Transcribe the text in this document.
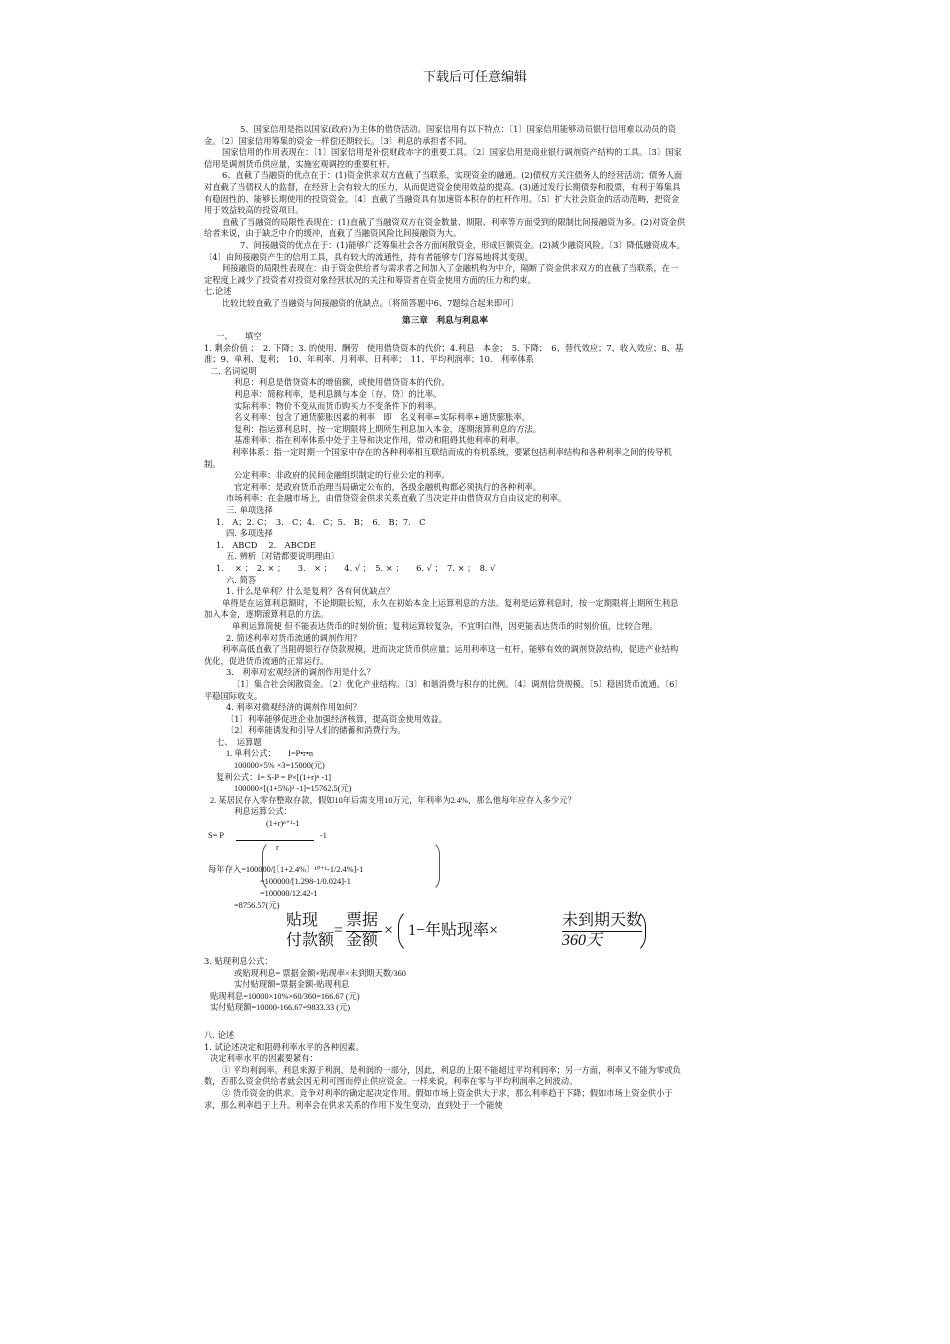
下载后可任意编辑

5、国家信用是指以国家(政府)为主体的借贷活动。国家信用有以下特点：〔1〕国家信用能够动员银行信用难以动员的资金。〔2〕国家信用筹集的资金一样偿还期较长。〔3〕利息的承担者不同。

国家信用的作用表现在：〔1〕国家信用是补偿财政赤字的重要工具。〔2〕国家信用是商业银行调剂资产结构的工具。〔3〕国家信用是调剂货币供应量，实施宏观调控的重要杠杆。

6、直截了当融资的优点在于：(1)资金供求双方直截了当联系，实现资金的融通。(2)债权方关注债务人的经营活动；债务人面对直截了当债权人的监督，在经营上会有较大的压力，从而促进资金使用效益的提高。(3)通过发行长期债券和股票，有利于筹集具有稳固性的、能够长期使用的投资资金。〔4〕直截了当融资具有加速资本积存的杠杆作用。〔5〕扩大社会资金的活动范畴，把资金用于效益较高的投资项目。

直截了当融资的局限性表现在：(1)直截了当融资双方在资金数量、期限、利率等方面受到的限制比间接融资为多。(2)对资金供给者来说，由于缺乏中介的缓冲，直截了当融资风险比间接融资为大。

7、间接融资的优点在于：(1)能够广泛筹集社会各方面闲散资金，形成巨额资金。(2)减少融资风险。〔3〕降低融资成本。〔4〕由间接融资产生的信用工具，具有较大的流通性，持有者能够专门容易地将其变现。

间接融资的局限性表现在：由于资金供给者与需求者之间加入了金融机构为中介，隔断了资金供求双方的直截了当联系，在一定程度上减少了投资者对投资对象经营状况的关注和筹资者在资金使用方面的压力和约束。

七.论述

比较比较直截了当融资与间接融资的优缺点。〔将简答题中6、7题综合起来即可〕

第三章　利息与利息率

一、　　填空

1. 剩余价值 ；　2. 下降；3. 的使用、酬劳　使用借贷资本的代价；4.利息　本金；　5. 下降；　6、替代效应；7、收入效应；8、基准；9、单利、复利；　10、年利率、月利率、日利率；　11、平均利润率；10.　利率体系

二. 名词说明

利息：利息是借贷资本的增值额，或使用借贷资本的代价。

利息率：简称利率，是利息额与本金〔存、贷〕的比率。

实际利率：物价不变从而货币购买力不变条件下的利率。

名义利率：包含了通货膨胀因素的利率　即　名义利率=实际利率+通货膨胀率。

复利：指运算利息时，按一定期限将上期所生利息加入本金，逐期滚算利息的方法。

基准利率：指在利率体系中处于主导和决定作用，带动和阻碍其他利率的利率。

利率体系：指一定时期一个国家中存在的各种利率相互联结而成的有机系统，要紧包括利率结构和各种利率之间的传导机制。

公定利率：非政府的民间金融组织制定的行业公定的利率。

官定利率：是政府货币治理当局确定公布的，各级金融机构都必须执行的各种利率。

市场利率：在金融市场上，由借贷资金供求关系直截了当决定并由借贷双方自由议定的利率。

三. 单项选择

1.　A；2. C；　3.　C；4.　C；5.　B；　6.　B；7.　C

四. 多项选择

1.　ABCD　 2.　ABCDE

五. 辨析〔对错都要说明理由〕

1.　 × ；　2. × ；　　3.　× ；　　4. √ ；　5. × ；　　6. √ ；　7. × ；　8. √

六. 简答

1. 什么是单利？什么是复利？各有何优缺点？

单得是在运算利息额时，不论期限长短，永久在初始本金上运算利息的方法。复利是运算利息时，按一定期限将上期所生利息加入本金，逐期滚算利息的方法。

单利运算简便 但不能表达货币的时刻价值；复利运算较复杂，不宜明白得，因更能表达货币的时刻价值，比较合理。

2. 简述利率对货币流通的调剂作用？

利率高低直截了当阻碍银行存贷款规模，进而决定货币供应量；运用利率这一杠杆，能够有效的调剂贷款结构，促进产业结构优化，促进货币流通的正常运行。

3.　利率对宏观经济的调剂作用是什么？

〔1〕集合社会闲散资金。〔2〕优化产业结构。〔3〕和谐消费与积存的比例。〔4〕调剂信贷规模。〔5〕稳固货币流通。〔6〕平稳国际收支。

4. 利率对微观经济的调剂作用如何？

〔1〕利率能够促进企业加强经济核算，提高资金使用效益。

〔2〕利率能诱发和引导人们的储蓄和消费行为。

七、　运算题

1. 单利公式：　　I=P•r•n

100000×5% ×3=15000(元)

复利公式：I= S-P = P×[(1+r)ⁿ -1]

100000×[(1+5%)³ -1]=15762.5(元)

2. 某居民存入零存整取存款，假如10年后需支用10万元，年利率为2.4%，那么他每年应存入多少元？

利息运算公式：

(1+r)ⁿ⁺¹-1
S= P	-1
r
每年存入=100000/[〔1+2.4%〕¹⁰⁺¹-1/2.4%]-1
=100000/[1.298-1/0.024]-1
=100000/12.42-1
=8756.57(元)
贴现
付款额
=
票据
金额
× 1−年贴现率×
未到期天数
360天

3. 贴现利息公式：

或贴现利息= 票据金额×贴现率×未到期天数/360

实付贴现额=票据金额-贴现利息

贴现利息=10000×10%×60/360=166.67 (元)

实付贴现额=10000-166.67=9833.33 (元)

八. 论述

1. 试论述决定和阻碍利率水平的各种因素。

决定利率水平的因素要紧有：

① 平均利润率。利息来源于利润，是利润的一部分，因此，利息的上限不能超过平均利润率；另一方面，利率又不能为零或负数，否那么资金供给者就会因无利可图而停止供应资金。一样来说，利率在零与平均利润率之间波动。

② 货币资金的供求。竞争对利率的确定起决定作用。假如市场上资金供大于求，那么利率趋于下降；假如市场上资金供小于求，那么利率趋于上升。利率会在供求关系的作用下发生变动，直到处于一个能使
